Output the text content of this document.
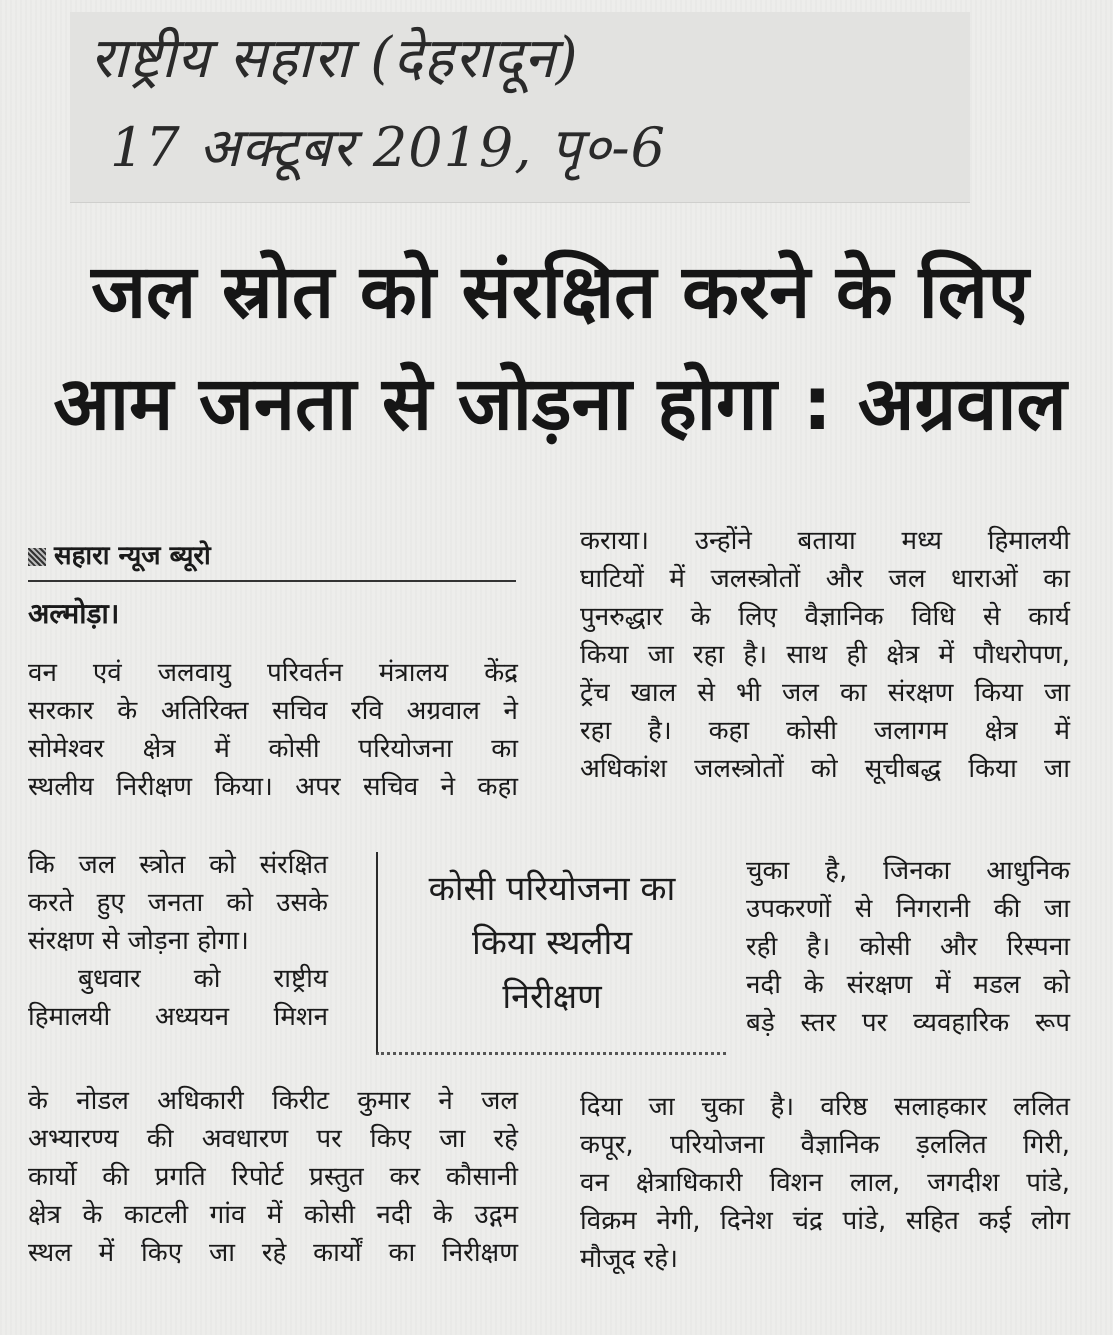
राष्ट्रीय सहारा (देहरादून)

17 अक्टूबर 2019, पृ०-6

जल स्रोत को संरक्षित करने के लिए
आम जनता से जोड़ना होगा : अग्रवाल
सहारा न्यूज ब्यूरो
अल्मोड़ा।

वन एवं जलवायु परिवर्तन मंत्रालय केंद्र
सरकार के अतिरिक्त सचिव रवि अग्रवाल ने
सोमेश्वर क्षेत्र में कोसी परियोजना का
स्थलीय निरीक्षण किया। अपर सचिव ने कहा

कि जल स्त्रोत को संरक्षित
करते हुए जनता को उसके
संरक्षण से जोड़ना होगा।
बुधवार को राष्ट्रीय
हिमालयी अध्ययन मिशन

के नोडल अधिकारी किरीट कुमार ने जल
अभ्यारण्य की अवधारण पर किए जा रहे
कार्यो की प्रगति रिपोर्ट प्रस्तुत कर कौसानी
क्षेत्र के काटली गांव में कोसी नदी के उद्गम
स्थल में किए जा रहे कार्यों का निरीक्षण

कराया। उन्होंने बताया मध्य हिमालयी
घाटियों में जलस्त्रोतों और जल धाराओं का
पुनरुद्धार के लिए वैज्ञानिक विधि से कार्य
किया जा रहा है। साथ ही क्षेत्र में पौधरोपण,
ट्रेंच खाल से भी जल का संरक्षण किया जा
रहा है। कहा कोसी जलागम क्षेत्र में
अधिकांश जलस्त्रोतों को सूचीबद्ध किया जा

कोसी परियोजना का
किया स्थलीय
निरीक्षण

चुका है, जिनका आधुनिक
उपकरणों से निगरानी की जा
रही है। कोसी और रिस्पना
नदी के संरक्षण में मडल को
बड़े स्तर पर व्यवहारिक रूप

दिया जा चुका है। वरिष्ठ सलाहकार ललित
कपूर, परियोजना वैज्ञानिक ड़ललित गिरी,
वन क्षेत्राधिकारी विशन लाल, जगदीश पांडे,
विक्रम नेगी, दिनेश चंद्र पांडे, सहित कई लोग
मौजूद रहे।
